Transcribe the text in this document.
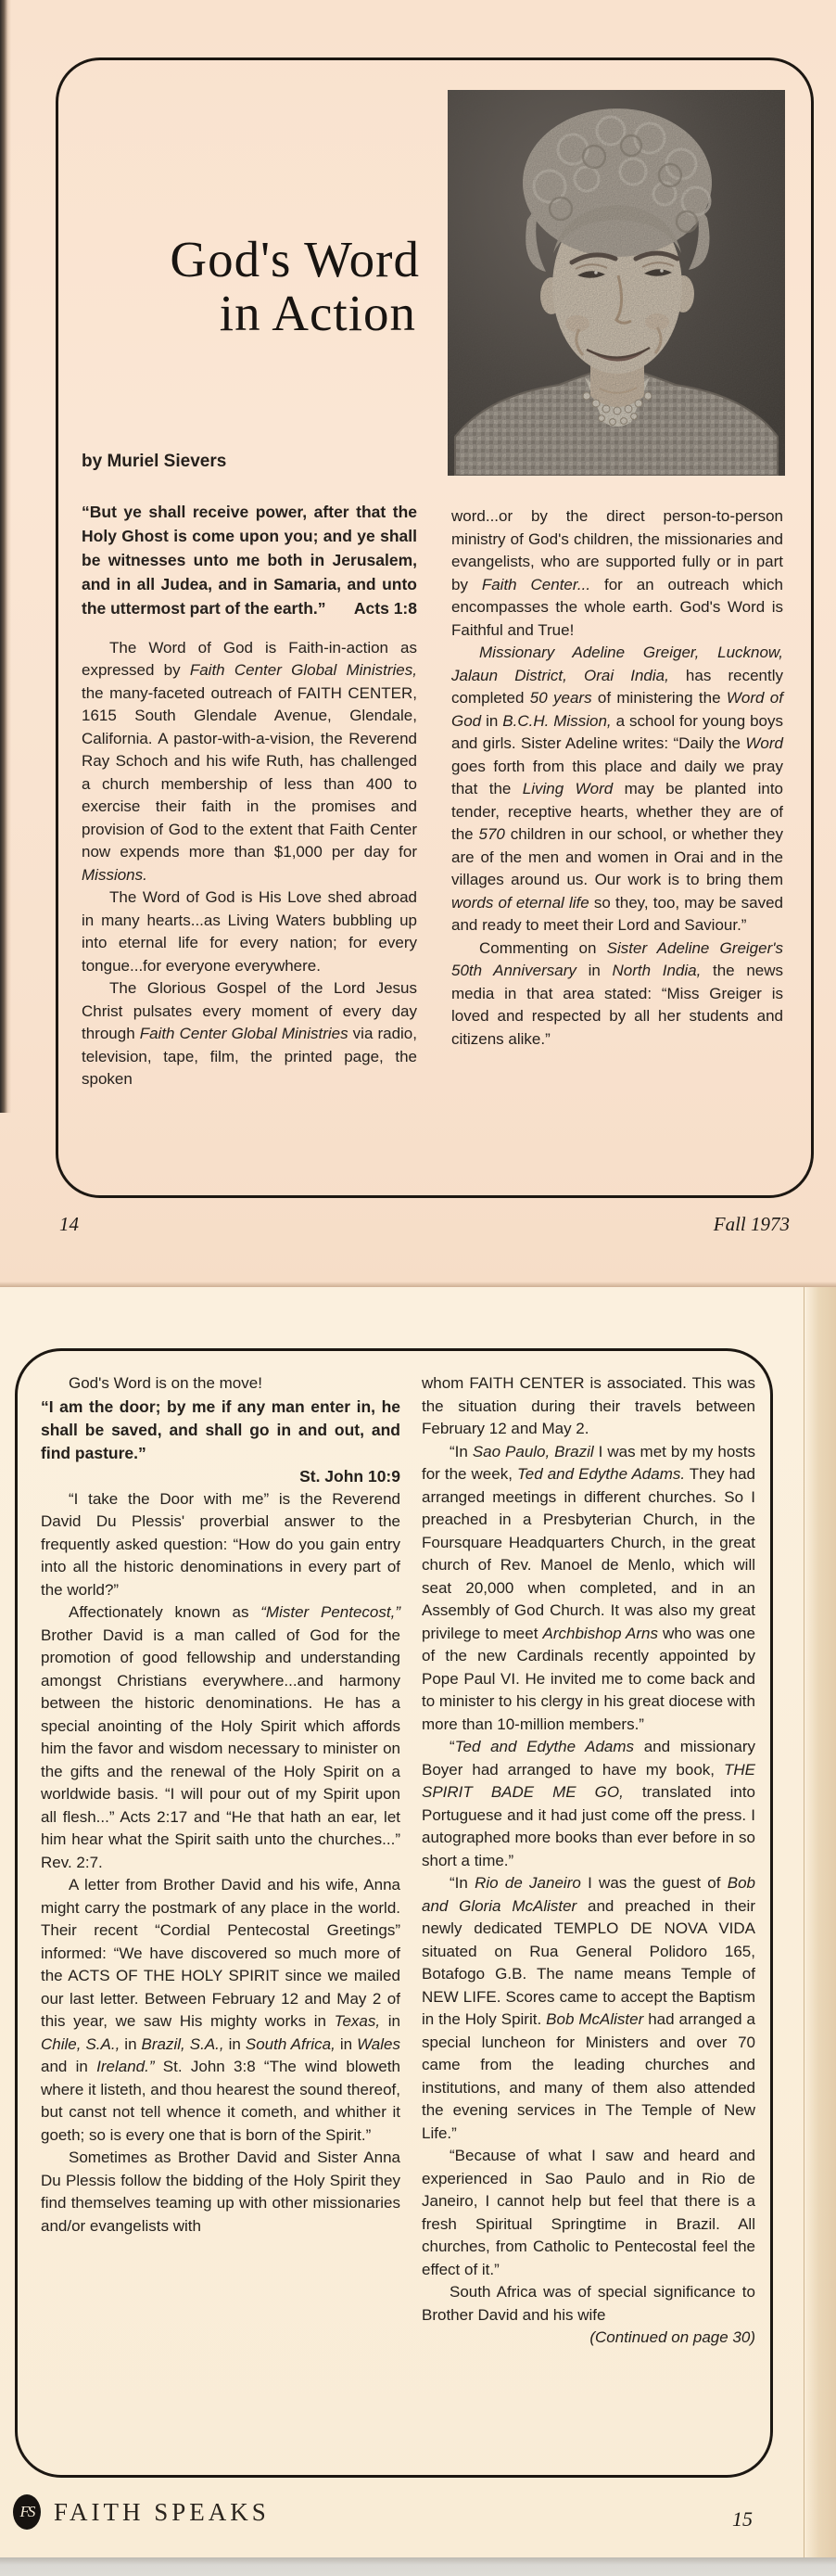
God's Word
in Action

by Muriel Sievers

“But ye shall receive power, after that the Holy Ghost is come upon you; and ye shall be witnesses unto me both in Jerusalem, and in all Judea, and in Samaria, and unto the uttermost part of the earth.”	Acts 1:8

The Word of God is Faith-in-action as expressed by Faith Center Global Ministries, the many-faceted outreach of FAITH CENTER, 1615 South Glendale Avenue, Glendale, California. A pastor-with-a-vision, the Reverend Ray Schoch and his wife Ruth, has challenged a church membership of less than 400 to exercise their faith in the promises and provision of God to the extent that Faith Center now expends more than $1,000 per day for Missions.

The Word of God is His Love shed abroad in many hearts...as Living Waters bubbling up into eternal life for every nation; for every tongue...for everyone everywhere.

The Glorious Gospel of the Lord Jesus Christ pulsates every moment of every day through Faith Center Global Ministries via radio, television, tape, film, the printed page, the spoken

word...or by the direct person-to-person ministry of God's children, the missionaries and evangelists, who are supported fully or in part by Faith Center... for an outreach which encompasses the whole earth. God's Word is Faithful and True!

Missionary Adeline Greiger, Lucknow, Jalaun District, Orai India, has recently completed 50 years of ministering the Word of God in B.C.H. Mission, a school for young boys and girls. Sister Adeline writes: “Daily the Word goes forth from this place and daily we pray that the Living Word may be planted into tender, receptive hearts, whether they are of the 570 children in our school, or whether they are of the men and women in Orai and in the villages around us. Our work is to bring them words of eternal life so they, too, may be saved and ready to meet their Lord and Saviour.”

Commenting on Sister Adeline Greiger's 50th Anniversary in North India, the news media in that area stated: “Miss Greiger is loved and respected by all her students and citizens alike.”

14	Fall 1973

God's Word is on the move!

“I am the door; by me if any man enter in, he shall be saved, and shall go in and out, and find pasture.”

St. John 10:9

“I take the Door with me” is the Reverend David Du Plessis' proverbial answer to the frequently asked question: “How do you gain entry into all the historic denominations in every part of the world?”

Affectionately known as “Mister Pentecost,” Brother David is a man called of God for the promotion of good fellowship and understanding amongst Christians everywhere...and harmony between the historic denominations. He has a special anointing of the Holy Spirit which affords him the favor and wisdom necessary to minister on the gifts and the renewal of the Holy Spirit on a worldwide basis. “I will pour out of my Spirit upon all flesh...” Acts 2:17 and “He that hath an ear, let him hear what the Spirit saith unto the churches...” Rev. 2:7.

A letter from Brother David and his wife, Anna might carry the postmark of any place in the world. Their recent “Cordial Pentecostal Greetings” informed: “We have discovered so much more of the ACTS OF THE HOLY SPIRIT since we mailed our last letter. Between February 12 and May 2 of this year, we saw His mighty works in Texas, in Chile, S.A., in Brazil, S.A., in South Africa, in Wales and in Ireland.” St. John 3:8 “The wind bloweth where it listeth, and thou hearest the sound thereof, but canst not tell whence it cometh, and whither it goeth; so is every one that is born of the Spirit.”

Sometimes as Brother David and Sister Anna Du Plessis follow the bidding of the Holy Spirit they find themselves teaming up with other missionaries and/or evangelists with

whom FAITH CENTER is associated. This was the situation during their travels between February 12 and May 2.

“In Sao Paulo, Brazil I was met by my hosts for the week, Ted and Edythe Adams. They had arranged meetings in different churches. So I preached in a Presbyterian Church, in the Foursquare Headquarters Church, in the great church of Rev. Manoel de Menlo, which will seat 20,000 when completed, and in an Assembly of God Church. It was also my great privilege to meet Archbishop Arns who was one of the new Cardinals recently appointed by Pope Paul VI. He invited me to come back and to minister to his clergy in his great diocese with more than 10-million members.”

“Ted and Edythe Adams and missionary Boyer had arranged to have my book, THE SPIRIT BADE ME GO, translated into Portuguese and it had just come off the press. I autographed more books than ever before in so short a time.”

“In Rio de Janeiro I was the guest of Bob and Gloria McAlister and preached in their newly dedicated TEMPLO DE NOVA VIDA situated on Rua General Polidoro 165, Botafogo G.B. The name means Temple of NEW LIFE. Scores came to accept the Baptism in the Holy Spirit. Bob McAlister had arranged a special luncheon for Ministers and over 70 came from the leading churches and institutions, and many of them also attended the evening services in The Temple of New Life.”

“Because of what I saw and heard and experienced in Sao Paulo and in Rio de Janeiro, I cannot help but feel that there is a fresh Spiritual Springtime in Brazil. All churches, from Catholic to Pentecostal feel the effect of it.”

South Africa was of special significance to Brother David and his wife

(Continued on page 30)

FS FAITH SPEAKS	15
